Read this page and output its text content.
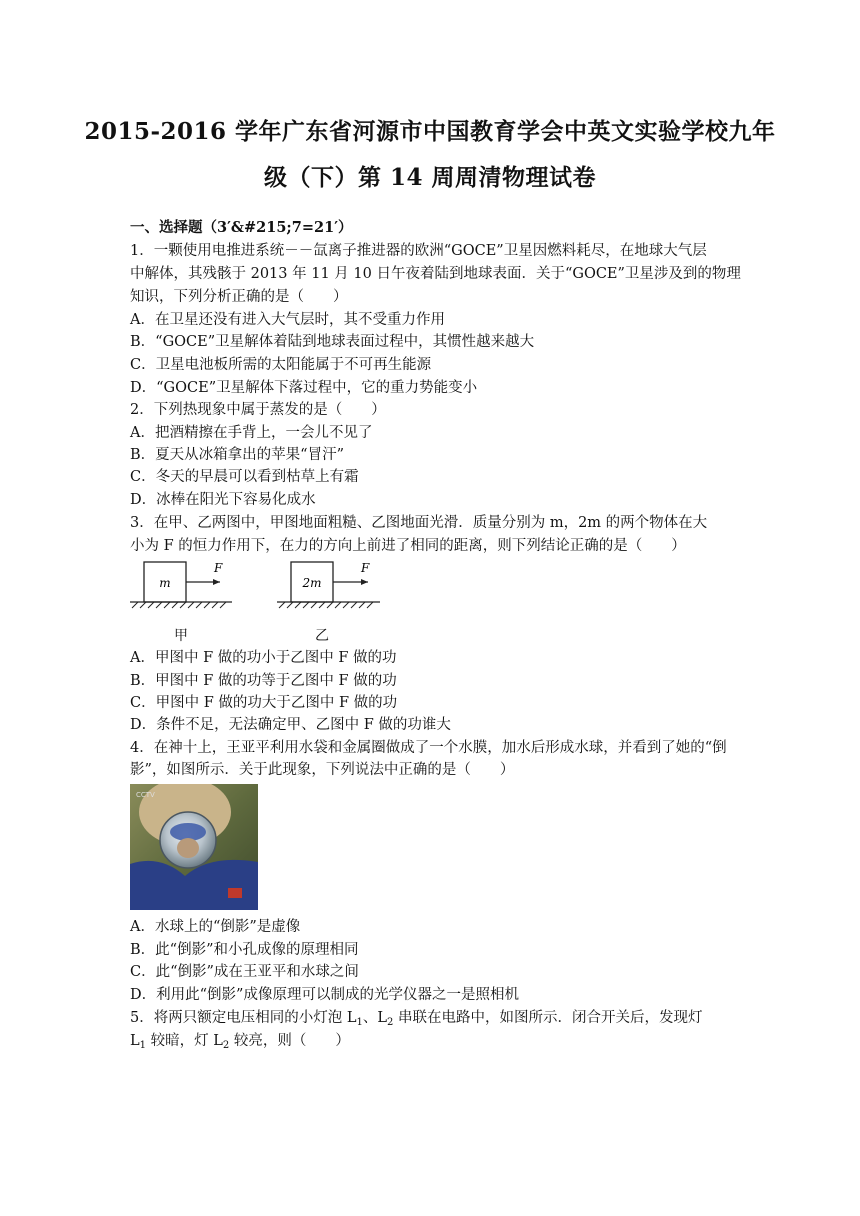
2015-2016 学年广东省河源市中国教育学会中英文实验学校九年
级（下）第 14 周周清物理试卷
一、选择题（3′&#215;7=21′）
1．一颗使用电推进系统－－氙离子推进器的欧洲“GOCE”卫星因燃料耗尽，在地球大气层
中解体，其残骸于 2013 年 11 月 10 日午夜着陆到地球表面．关于“GOCE”卫星涉及到的物理
知识，下列分析正确的是（　　）
A．在卫星还没有进入大气层时，其不受重力作用
B．“GOCE”卫星解体着陆到地球表面过程中，其惯性越来越大
C．卫星电池板所需的太阳能属于不可再生能源
D．“GOCE”卫星解体下落过程中，它的重力势能变小
2．下列热现象中属于蒸发的是（　　）
A．把酒精擦在手背上，一会儿不见了
B．夏天从冰箱拿出的苹果“冒汗”
C．冬天的早晨可以看到枯草上有霜
D．冰棒在阳光下容易化成水
3．在甲、乙两图中，甲图地面粗糙、乙图地面光滑．质量分别为 m，2m 的两个物体在大
小为 F 的恒力作用下，在力的方向上前进了相同的距离，则下列结论正确的是（　　）
m
F
2m
F
甲	乙
A．甲图中 F 做的功小于乙图中 F 做的功
B．甲图中 F 做的功等于乙图中 F 做的功
C．甲图中 F 做的功大于乙图中 F 做的功
D．条件不足，无法确定甲、乙图中 F 做的功谁大
4．在神十上，王亚平利用水袋和金属圈做成了一个水膜，加水后形成水球，并看到了她的“倒
影”，如图所示．关于此现象，下列说法中正确的是（　　）
CCTV
A．水球上的“倒影”是虚像
B．此“倒影”和小孔成像的原理相同
C．此“倒影”成在王亚平和水球之间
D．利用此“倒影”成像原理可以制成的光学仪器之一是照相机
5．将两只额定电压相同的小灯泡 $L_1$、$L_2$ 串联在电路中，如图所示．闭合开关后，发现灯
$L_1$ 较暗，灯 $L_2$ 较亮，则（　　）
